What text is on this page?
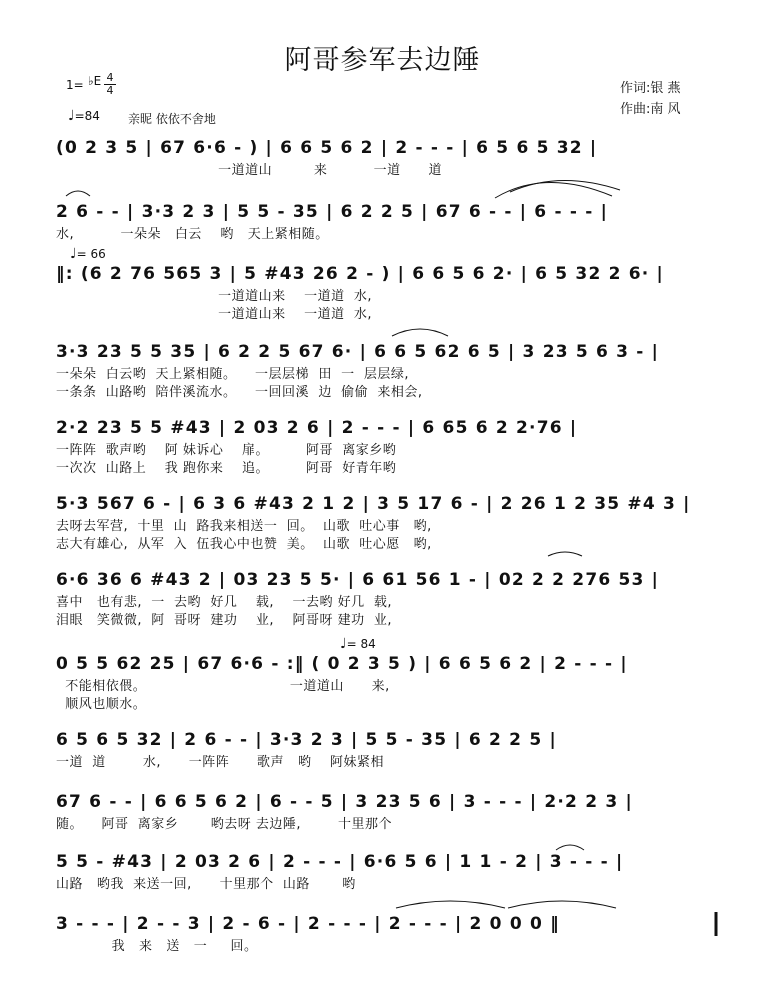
阿哥参军去边陲
作词:银 燕
作曲:南 风
1= ♭E 4
4
♩=84 亲昵 依依不舍地
♩= 66
♩= 84
(0 2 3 5 | 67 6·6 - ) | 6 6 5 6 2 | 2 - - - | 6 5 6 5 32 |
一道道山         来          一道      道
2 6 - - | 3·3 2 3 | 5 5 - 35 | 6 2 2 5 | 67 6 - - | 6 - - - |
水,          一朵朵   白云    哟   天上紧相随。
‖: (6 2 76 565 3 | 5 #43 26 2 - ) | 6 6 5 6 2· | 6 5 32 2 6· |
一道道山来    一道道  水,
一道道山来    一道道  水,
3·3 23 5 5 35 | 6 2 2 5 67 6· | 6 6 5 62 6 5 | 3 23 5 6 3 - |
一朵朵  白云哟  天上紧相随。    一层层梯  田  一  层层绿,
一条条  山路哟  陪伴溪流水。    一回回溪  边  偷偷  来相会,
2·2 23 5 5 #43 | 2 03 2 6 | 2 - - - | 6 65 6 2 2·76 |
一阵阵  歌声哟    阿 妹诉心    扉。        阿哥  离家乡哟
一次次  山路上    我 跑你来    追。        阿哥  好青年哟
5·3 567 6 - | 6 3 6 #43 2 1 2 | 3 5 17 6 - | 2 26 1 2 35 #4 3 |
去呀去军营,  十里  山  路我来相送一  回。  山歌  吐心事   哟,
志大有雄心,  从军  入  伍我心中也赞  美。  山歌  吐心愿   哟,
6·6 36 6 #43 2 | 03 23 5 5· | 6 61 56 1 - | 02 2 2 276 53 |
喜中   也有悲,  一  去哟  好几    载,    一去哟 好几  载,
泪眼   笑微微,  阿  哥呀  建功    业,    阿哥呀 建功  业,
0 5 5 62 25 | 67 6·6 - :‖ ( 0 2 3 5 ) | 6 6 5 6 2 | 2 - - - |
不能相依偎。                               一道道山      来,
顺风也顺水。
6 5 6 5 32 | 2 6 - - | 3·3 2 3 | 5 5 - 35 | 6 2 2 5 |
一道  道        水,      一阵阵      歌声   哟    阿妹紧相
67 6 - - | 6 6 5 6 2 | 6 - - 5 | 3 23 5 6 | 3 - - - | 2·2 2 3 |
随。    阿哥  离家乡       哟去呀 去边陲,        十里那个
5 5 - #43 | 2 03 2 6 | 2 - - - | 6·6 5 6 | 1 1 - 2 | 3 - - - |
山路   哟我  来送一回,      十里那个  山路       哟
3 - - - | 2 - - 3 | 2 - 6 - | 2 - - - | 2 - - - | 2 0 0 0 ‖
我   来   送   一     回。
